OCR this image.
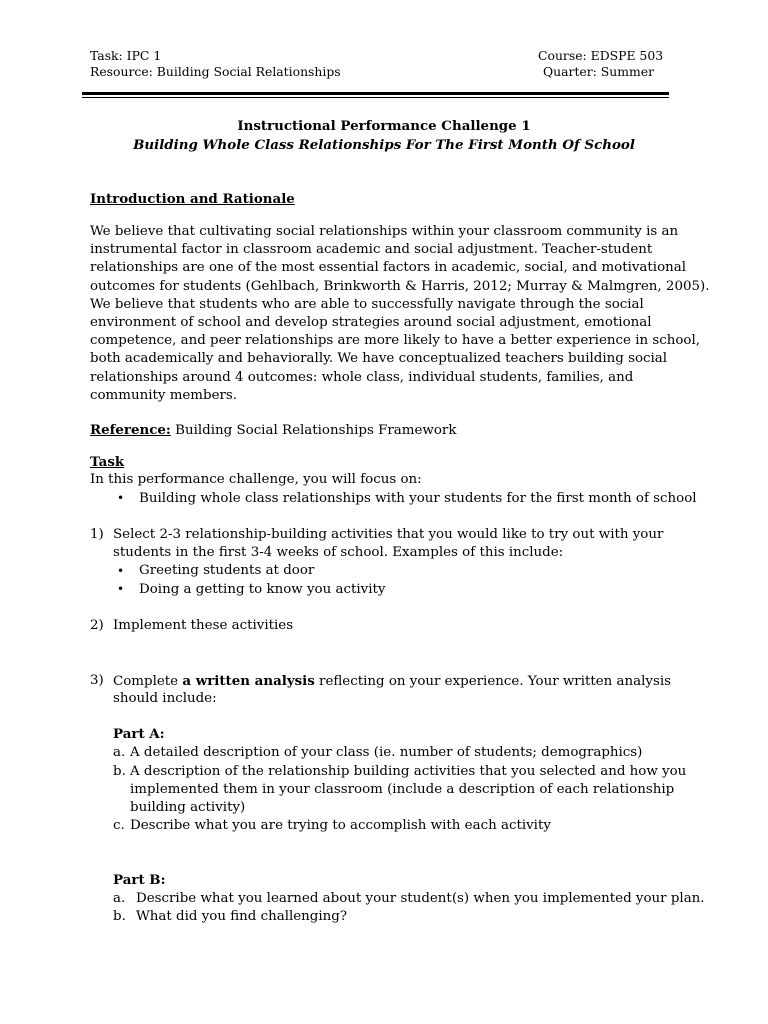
Task: IPC 1
Resource: Building Social Relationships
Course: EDSPE 503
Quarter: Summer
Instructional Performance Challenge 1
Building Whole Class Relationships For The First Month Of School
Introduction and Rationale
We believe that cultivating social relationships within your classroom community is an
instrumental factor in classroom academic and social adjustment. Teacher-student
relationships are one of the most essential factors in academic, social, and motivational
outcomes for students (Gehlbach, Brinkworth & Harris, 2012; Murray & Malmgren, 2005).
We believe that students who are able to successfully navigate through the social
environment of school and develop strategies around social adjustment, emotional
competence, and peer relationships are more likely to have a better experience in school,
both academically and behaviorally. We have conceptualized teachers building social
relationships around 4 outcomes: whole class, individual students, families, and
community members.
Reference: Building Social Relationships Framework
Task
In this performance challenge, you will focus on:
• Building whole class relationships with your students for the first month of school
1) Select 2-3 relationship-building activities that you would like to try out with your
students in the first 3-4 weeks of school. Examples of this include:
• Greeting students at door
• Doing a getting to know you activity
2) Implement these activities
3) Complete a written analysis reflecting on your experience. Your written analysis
should include:
Part A:
a. A detailed description of your class (ie. number of students; demographics)
b. A description of the relationship building activities that you selected and how you
implemented them in your classroom (include a description of each relationship
building activity)
c. Describe what you are trying to accomplish with each activity
Part B:
a. Describe what you learned about your student(s) when you implemented your plan.
b. What did you find challenging?
